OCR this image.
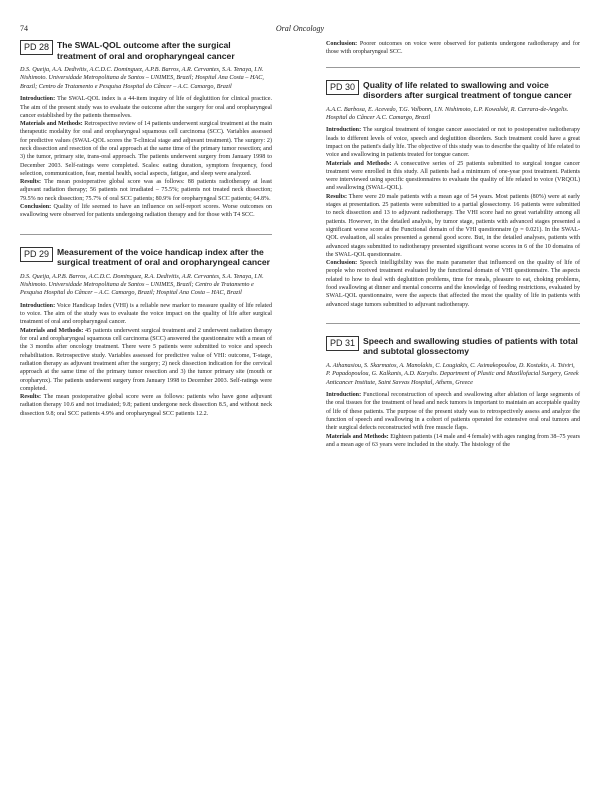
74	Oral Oncology
PD 28 The SWAL-QOL outcome after the surgical treatment of oral and oropharyngeal cancer
D.S. Queija, A.A. Dedivitis, A.C.D.C. Dominguez, A.P.B. Barros, A.R. Cervantes, S.A. Tenaya, I.N. Nishimoto. Universidade Metropolitana de Santos – UNIMES, Brazil; Hospital Ana Costa – HAC, Brazil; Centro de Tratamento e Pesquisa Hospital do Câncer – A.C. Camargo, Brazil

Introduction: The SWAL-QOL index is a 44-item inquiry of life of deglutition for clinical practice. The aim of the present study was to evaluate the outcome after the surgery for oral and oropharyngeal cancer established by the patients themselves.

Materials and Methods: Retrospective review of 14 patients underwent surgical treatment at the main therapeutic modality for oral and oropharyngeal squamous cell carcinoma (SCC). Variables assessed for predictive values (SWAL-QOL scores the T-clinical stage and adjuvant treatment). The surgery: 2) neck dissection and resection of the oral approach at the same time of the primary tumor resection; and 3) the tumor, primary site, trans-oral approach. The patients underwent surgery from January 1998 to December 2003. Self-ratings were completed. Scales: eating duration, symptom frequency, food selection, communication, fear, mental health, social aspects, fatigue, and sleep were analyzed.

Results: The mean postoperative global score was as follows: 88 patients radiotherapy at least adjuvant radiation therapy; 56 patients not irradiated – 75.5%; patients not treated neck dissection; 79.5% no neck dissection; 75.7% of oral SCC patients; 80.9% for oropharyngeal SCC patients; 64.8%.

Conclusion: Quality of life seemed to have an influence on self-report scores. Worse outcomes on swallowing were observed for patients undergoing radiation therapy and for those with T4 SCC.

PD 29 Measurement of the voice handicap index after the surgical treatment of oral and oropharyngeal cancer
D.S. Queija, A.P.B. Barros, A.C.D.C. Dominguez, R.A. Dedivitis, A.R. Cervantes, S.A. Tenaya, I.N. Nishimoto. Universidade Metropolitana de Santos – UNIMES, Brazil; Centro de Tratamento e Pesquisa Hospital do Câncer – A.C. Camargo, Brazil; Hospital Ana Costa – HAC, Brazil

Introduction: Voice Handicap Index (VHI) is a reliable new marker to measure quality of life related to voice. The aim of the study was to evaluate the voice impact on the quality of life after surgical treatment of oral and oropharyngeal cancer.

Materials and Methods: 45 patients underwent surgical treatment and 2 underwent radiation therapy for oral and oropharyngeal squamous cell carcinoma (SCC) answered the questionnaire with a mean of the 3 months after oncology treatment. There were 5 patients were submitted to voice and speech rehabilitation. Retrospective study. Variables assessed for predictive value of VHI: outcome, T-stage, radiation therapy as adjuvant treatment after the surgery; 2) neck dissection indication for the cervical approach at the same time of the primary tumor resection and 3) the tumor primary site (mouth or oropharynx). The patients underwent surgery from January 1998 to December 2003. Self-ratings were completed.

Results: The mean postoperative global score were as follows: patients who have gone adjuvant radiation therapy 10.6 and not irradiated; 9.8; patient undergone neck dissection 8.5, and without neck dissection 9.8; oral SCC patients 4.9% and oropharyngeal SCC patients 12.2.

Conclusion: Poorer outcomes on voice were observed for patients undergone radiotherapy and for those with oropharyngeal SCC.

PD 30 Quality of life related to swallowing and voice disorders after surgical treatment of tongue cancer
A.A.C. Barbosa, E. Acevedo, T.G. Valbonn, I.N. Nishimoto, L.P. Kowalski, R. Carrara-de-Angelis. Hospital do Câncer A.C. Camargo, Brazil

Introduction: The surgical treatment of tongue cancer associated or not to postoperative radiotherapy leads to different levels of voice, speech and deglutition disorders. Such treatment could have a great impact on the patient's daily life. The objective of this study was to describe the quality of life related to voice and swallowing in patients treated for tongue cancer.

Materials and Methods: A consecutive series of 25 patients submitted to surgical tongue cancer treatment were enrolled in this study. All patients had a minimum of one-year post treatment. Patients were interviewed using specific questionnaires to evaluate the quality of life related to voice (VRQOL) and swallowing (SWAL-QOL).

Results: There were 20 male patients with a mean age of 54 years. Most patients (80%) were at early stages at presentation. 25 patients were submitted to a partial glossectomy. 16 patients were submitted to neck dissection and 13 to adjuvant radiotherapy. The VHI score had no great variability among all patients. However, in the detailed analysis, by tumor stage, patients with advanced stages presented a significant worse score at the Functional domain of the VHI questionnaire (p = 0.021). In the SWAL-QOL evaluation, all scales presented a general good score. But, in the detailed analyses, patients with advanced stages submitted to radiotherapy presented significant worse scores in 6 of the 10 domains of the SWAL-QOL questionnaire.

Conclusion: Speech intelligibility was the main parameter that influenced on the quality of life of people who received treatment evaluated by the functional domain of VHI questionnaire. The aspects related to how to deal with deglutition problems, time for meals, pleasure to eat, choking problems, food swallowing at dinner and mental concerns and the knowledge of feeding restrictions, evaluated by SWAL-QOL questionnaire, were the aspects that affected the most the quality of life in patients with advanced stage tumors submitted to adjuvant radiotherapy.

PD 31 Speech and swallowing studies of patients with total and subtotal glossectomy
A. Athanasiou, S. Skarmatos, A. Manolakis, C. Lougiakis, C. Asimakopoulou, D. Kostakis, A. Tsiviri, P. Papadopoulou, G. Kalkanis, A.D. Karydis. Department of Plastic and Maxillofacial Surgery, Greek Anticancer Institute, Saint Savvas Hospital, Athens, Greece

Introduction: Functional reconstruction of speech and swallowing after ablation of large segments of the oral tissues for the treatment of head and neck tumors is important to maintain an acceptable quality of life of these patients. The purpose of the present study was to retrospectively assess and analyze the function of speech and swallowing in a cohort of patients operated for extensive oral oral tumors and their surgical defects reconstructed with free muscle flaps.

Materials and Methods: Eighteen patients (14 male and 4 female) with ages ranging from 38–75 years and a mean age of 63 years were included in the study. The histology of the
